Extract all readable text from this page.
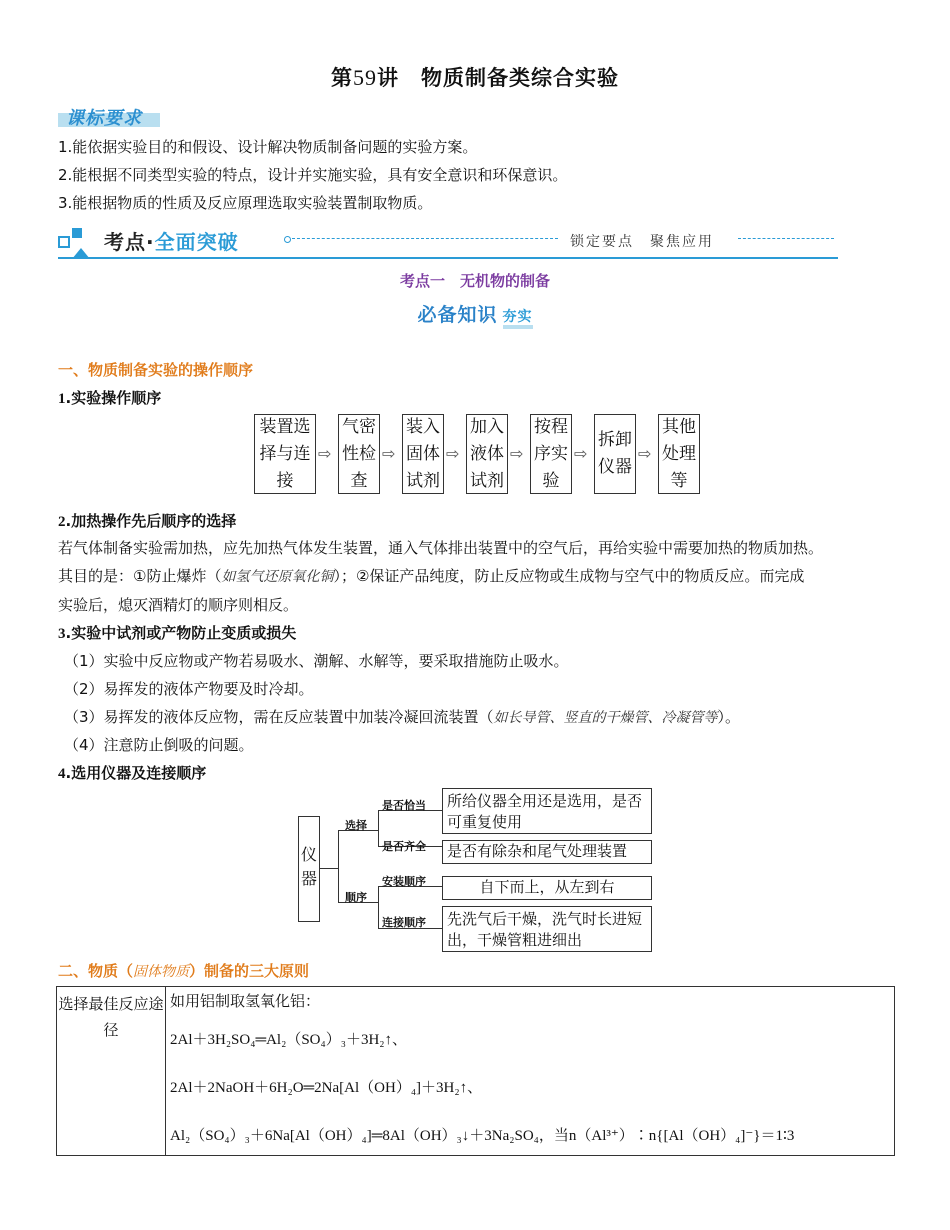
第59讲　物质制备类综合实验
课标要求
1.能依据实验目的和假设、设计解决物质制备问题的实验方案。
2.能根据不同类型实验的特点，设计并实施实验，具有安全意识和环保意识。
3.能根据物质的性质及反应原理选取实验装置制取物质。
考点·全面突破	锁定要点　聚焦应用
考点一　无机物的制备
必备知识 夯实
一、物质制备实验的操作顺序
1.实验操作顺序
装置选择与连接
⇨
气密性检查
⇨
装入固体试剂
⇨
加入液体试剂
⇨
按程序实验
⇨
拆卸仪器
⇨
其他处理等
2.加热操作先后顺序的选择
若气体制备实验需加热，应先加热气体发生装置，通入气体排出装置中的空气后，再给实验中需要加热的物质加热。
其目的是：①防止爆炸（如氢气还原氧化铜）；②保证产品纯度，防止反应物或生成物与空气中的物质反应。而完成
实验后，熄灭酒精灯的顺序则相反。
3.实验中试剂或产物防止变质或损失
（1）实验中反应物或产物若易吸水、潮解、水解等，要采取措施防止吸水。
（2）易挥发的液体产物要及时冷却。
（3）易挥发的液体反应物，需在反应装置中加装冷凝回流装置（如长导管、竖直的干燥管、冷凝管等）。
（4）注意防止倒吸的问题。
4.选用仪器及连接顺序
仪器
选择
顺序
是否恰当
是否齐全
安装顺序
连接顺序
所给仪器全用还是选用，是否可重复使用
是否有除杂和尾气处理装置
自下而上，从左到右
先洗气后干燥，洗气时长进短出，干燥管粗进细出
二、物质（固体物质）制备的三大原则
选择最佳反应途径	
如用铝制取氢氧化铝：
2Al＋3H₂SO₄═Al₂（SO₄）₃＋3H₂↑、
2Al＋2NaOH＋6H₂O═2Na[Al（OH）₄]＋3H₂↑、
Al₂（SO₄）₃＋6Na[Al（OH）₄]═8Al（OH）₃↓＋3Na₂SO₄，当n（Al³⁺）∶n{[Al（OH）₄]⁻}＝1∶3
